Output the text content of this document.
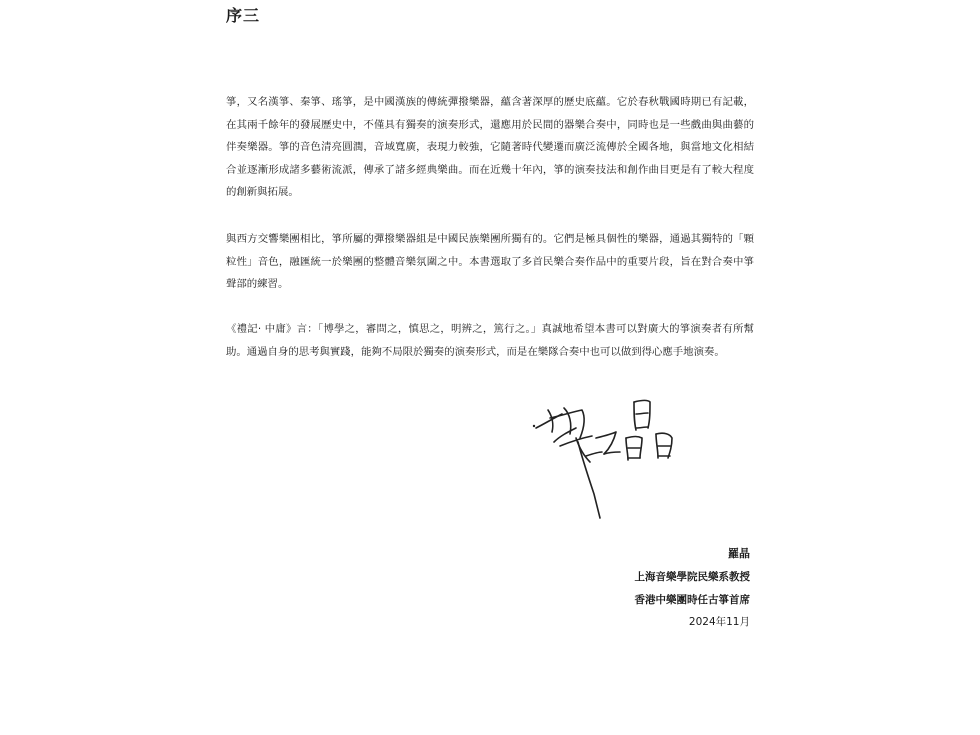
序三

箏，又名漢箏、秦箏、瑤箏，是中國漢族的傳統彈撥樂器，蘊含著深厚的歷史底蘊。它於春秋戰國時期已有記載，在其兩千餘年的發展歷史中，不僅具有獨奏的演奏形式，還應用於民間的器樂合奏中，同時也是一些戲曲與曲藝的伴奏樂器。箏的音色清亮圓潤，音域寬廣，表現力較強，它隨著時代變遷而廣泛流傳於全國各地，與當地文化相結合並逐漸形成諸多藝術流派，傳承了諸多經典樂曲。而在近幾十年內，箏的演奏技法和創作曲目更是有了較大程度的創新與拓展。

與西方交響樂團相比，箏所屬的彈撥樂器組是中國民族樂團所獨有的。它們是極具個性的樂器，通過其獨特的「顆粒性」音色，融匯統一於樂團的整體音樂氛圍之中。本書選取了多首民樂合奏作品中的重要片段，旨在對合奏中箏聲部的練習。

《禮記· 中庸》言：「博學之，審問之，慎思之，明辨之，篤行之。」真誠地希望本書可以對廣大的箏演奏者有所幫助。通過自身的思考與實踐，能夠不局限於獨奏的演奏形式，而是在樂隊合奏中也可以做到得心應手地演奏。

羅晶

上海音樂學院民樂系教授

香港中樂團時任古箏首席

2024年11月
